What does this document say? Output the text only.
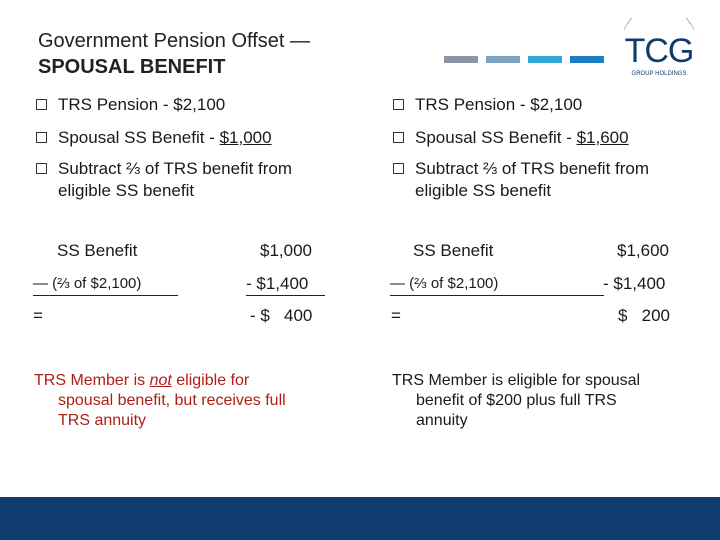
Government Pension Offset —
SPOUSAL BENEFIT	TCG
GROUP HOLDINGS
TRS Pension - $2,100
Spousal SS Benefit - $1,000
Subtract ⅔ of TRS benefit from
eligible SS benefit
SS Benefit	$1,000
— (⅔ of $2,100)	- $1,400
=	- $   400
TRS Member is not eligible for
spousal benefit, but receives full
TRS annuity
TRS Pension - $2,100
Spousal SS Benefit - $1,600
Subtract ⅔ of TRS benefit from
eligible SS benefit
SS Benefit	$1,600
— (⅔ of $2,100)	- $1,400
=	$   200
TRS Member is eligible for spousal
benefit of $200 plus full TRS
annuity
